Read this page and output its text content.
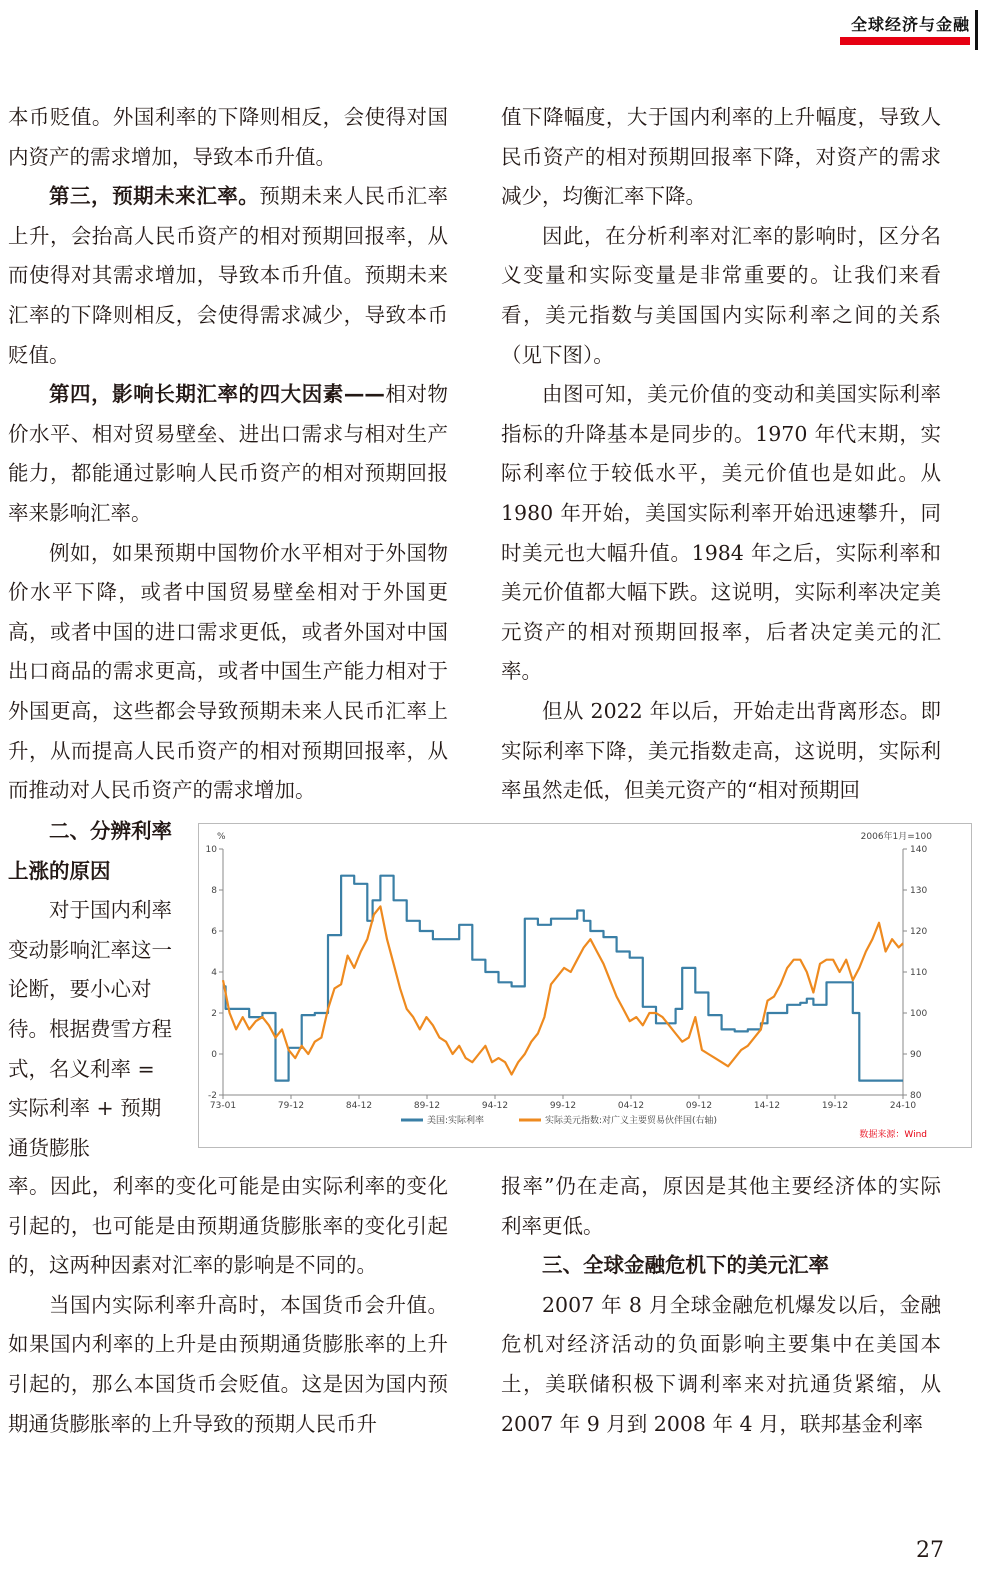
全球经济与金融

本币贬值。外国利率的下降则相反，会使得对国内资产的需求增加，导致本币升值。

第三，预期未来汇率。预期未来人民币汇率上升，会抬高人民币资产的相对预期回报率，从而使得对其需求增加，导致本币升值。预期未来汇率的下降则相反，会使得需求减少，导致本币贬值。

第四，影响长期汇率的四大因素——相对物价水平、相对贸易壁垒、进出口需求与相对生产能力，都能通过影响人民币资产的相对预期回报率来影响汇率。

例如，如果预期中国物价水平相对于外国物价水平下降，或者中国贸易壁垒相对于外国更高，或者中国的进口需求更低，或者外国对中国出口商品的需求更高，或者中国生产能力相对于外国更高，这些都会导致预期未来人民币汇率上升，从而提高人民币资产的相对预期回报率，从而推动对人民币资产的需求增加。

值下降幅度，大于国内利率的上升幅度，导致人民币资产的相对预期回报率下降，对资产的需求减少，均衡汇率下降。

因此，在分析利率对汇率的影响时，区分名义变量和实际变量是非常重要的。让我们来看看，美元指数与美国国内实际利率之间的关系（见下图）。

由图可知，美元价值的变动和美国实际利率指标的升降基本是同步的。1970 年代末期，实际利率位于较低水平，美元价值也是如此。从 1980 年开始，美国实际利率开始迅速攀升，同时美元也大幅升值。1984 年之后，实际利率和美元价值都大幅下跌。这说明，实际利率决定美元资产的相对预期回报率，后者决定美元的汇率。

但从 2022 年以后，开始走出背离形态。即实际利率下降，美元指数走高，这说明，实际利率虽然走低，但美元资产的“相对预期回

二、分辨利率上涨的原因

对于国内利率变动影响汇率这一论断，要小心对待。根据费雪方程式，名义利率 = 实际利率 + 预期通货膨胀

%	2006年1月=100
10
8
6
4
2
0
-2
140
130
120
110
100
90
80
73-01	79-12	84-12	89-12	94-12	99-12	04-12	09-12	14-12	19-12	24-10
美国:实际利率	实际美元指数:对广义主要贸易伙伴国(右轴)
数据来源：Wind

率。因此，利率的变化可能是由实际利率的变化引起的，也可能是由预期通货膨胀率的变化引起的，这两种因素对汇率的影响是不同的。

当国内实际利率升高时，本国货币会升值。如果国内利率的上升是由预期通货膨胀率的上升引起的，那么本国货币会贬值。这是因为国内预期通货膨胀率的上升导致的预期人民币升

报率”仍在走高，原因是其他主要经济体的实际利率更低。

三、全球金融危机下的美元汇率

2007 年 8 月全球金融危机爆发以后，金融危机对经济活动的负面影响主要集中在美国本土，美联储积极下调利率来对抗通货紧缩，从 2007 年 9 月到 2008 年 4 月，联邦基金利率

27
